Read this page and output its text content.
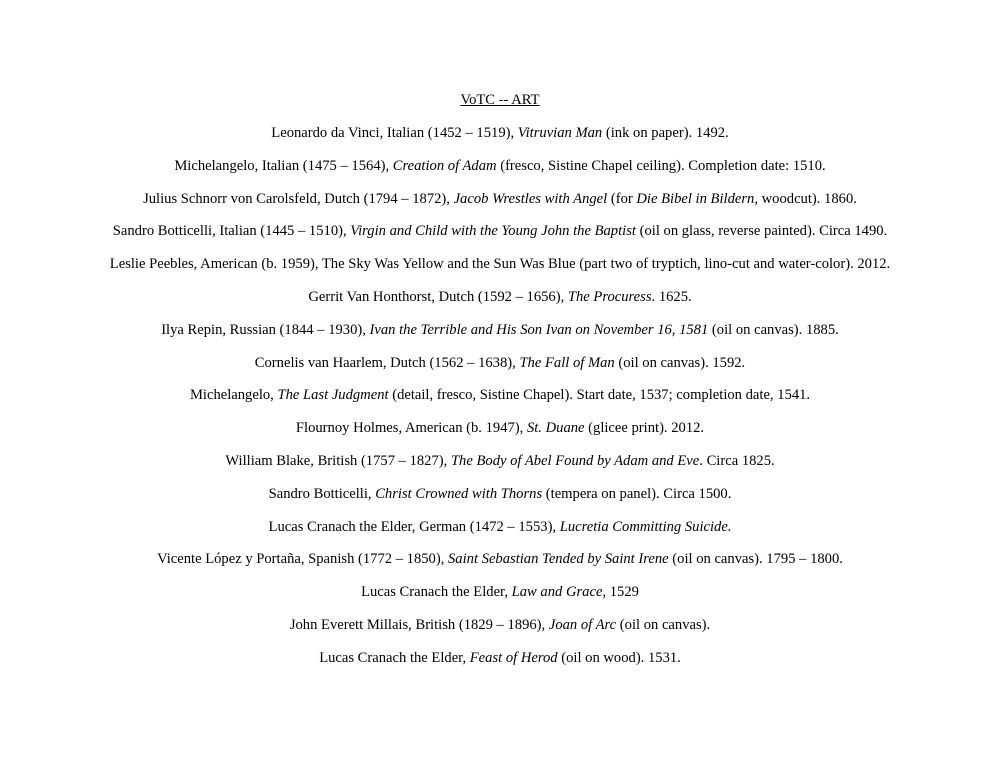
VoTC -- ART
Leonardo da Vinci, Italian (1452 – 1519), Vitruvian Man (ink on paper). 1492.
Michelangelo, Italian (1475 – 1564), Creation of Adam (fresco, Sistine Chapel ceiling). Completion date: 1510.
Julius Schnorr von Carolsfeld, Dutch (1794 – 1872), Jacob Wrestles with Angel (for Die Bibel in Bildern, woodcut). 1860.
Sandro Botticelli, Italian (1445 – 1510), Virgin and Child with the Young John the Baptist (oil on glass, reverse painted). Circa 1490.
Leslie Peebles, American (b. 1959), The Sky Was Yellow and the Sun Was Blue (part two of tryptich, lino-cut and water-color). 2012.
Gerrit Van Honthorst, Dutch (1592 – 1656), The Procuress. 1625.
Ilya Repin, Russian (1844 – 1930), Ivan the Terrible and His Son Ivan on November 16, 1581 (oil on canvas). 1885.
Cornelis van Haarlem, Dutch (1562 – 1638), The Fall of Man (oil on canvas). 1592.
Michelangelo, The Last Judgment (detail, fresco, Sistine Chapel). Start date, 1537; completion date, 1541.
Flournoy Holmes, American (b. 1947), St. Duane (glicee print). 2012.
William Blake, British (1757 – 1827), The Body of Abel Found by Adam and Eve. Circa 1825.
Sandro Botticelli, Christ Crowned with Thorns (tempera on panel). Circa 1500.
Lucas Cranach the Elder, German (1472 – 1553), Lucretia Committing Suicide.
Vicente López y Portaña, Spanish (1772 – 1850), Saint Sebastian Tended by Saint Irene (oil on canvas). 1795 – 1800.
Lucas Cranach the Elder, Law and Grace, 1529
John Everett Millais, British (1829 – 1896), Joan of Arc (oil on canvas).
Lucas Cranach the Elder, Feast of Herod (oil on wood). 1531.
